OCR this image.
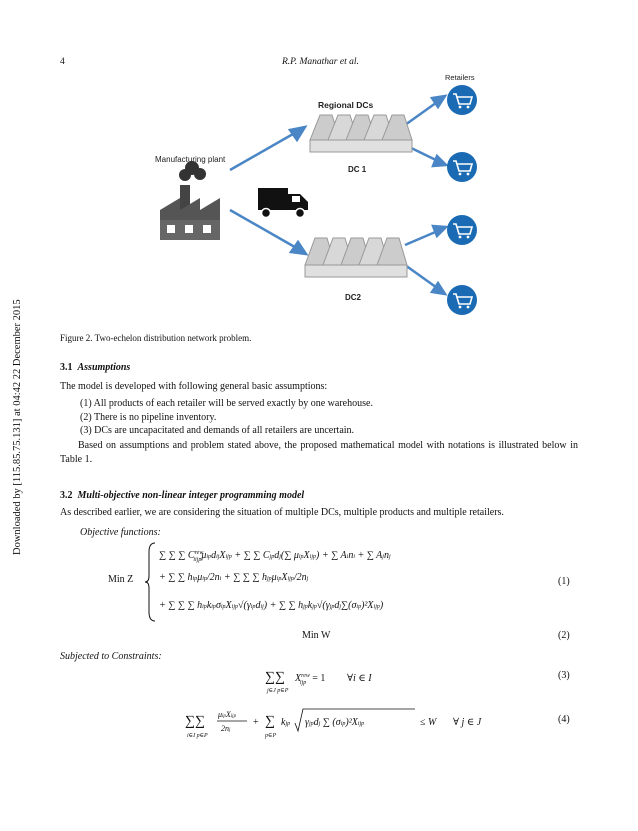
4	R.P. Manathar et al.
Downloaded by [115.85.75.131] at 04:42 22 December 2015
Manufacturing plant
Regional DCs
DC 1
DC2
Retailers
Figure 2. Two-echelon distribution network problem.
3.1 Assumptions
The model is developed with following general basic assumptions:
(1) All products of each retailer will be served exactly by one warehouse.
(2) There is no pipeline inventory.
(3) DCs are uncapacitated and demands of all retailers are uncertain.
Based on assumptions and problem stated above, the proposed mathematical model with notations is illustrated below in Table 1.
3.2 Multi-objective non-linear integer programming model
As described earlier, we are considering the situation of multiple DCs, multiple products and multiple retailers.
Objective functions:
Min Z
∑ ∑ ∑ $C^{rew}$ iijpμipdijXijp + ∑ ∑ Cjpdj(∑ μipXijp) + ∑ Aini + ∑ Ajnj
+ ∑ ∑ hipμip/2ni + ∑ ∑ ∑ hjpμipXijp/2nj
+ ∑ ∑ ∑ hipkipσipXijp√(γipdij) + ∑ ∑ hjpkjp√(γjpdj∑(σip)²Xijp)
(1)
Min W	(2)
Subjected to Constraints:
∑∑
j∈J p∈P
$X^{rew}$ ijp = 1 ∀i ∈ I	(3)
∑∑
i∈I p∈P
μipXijp
2nj
+ ∑
p∈P
kjp γjpdj ∑ (σip)²Xijp	≤ W ∀ j ∈ J	(4)
